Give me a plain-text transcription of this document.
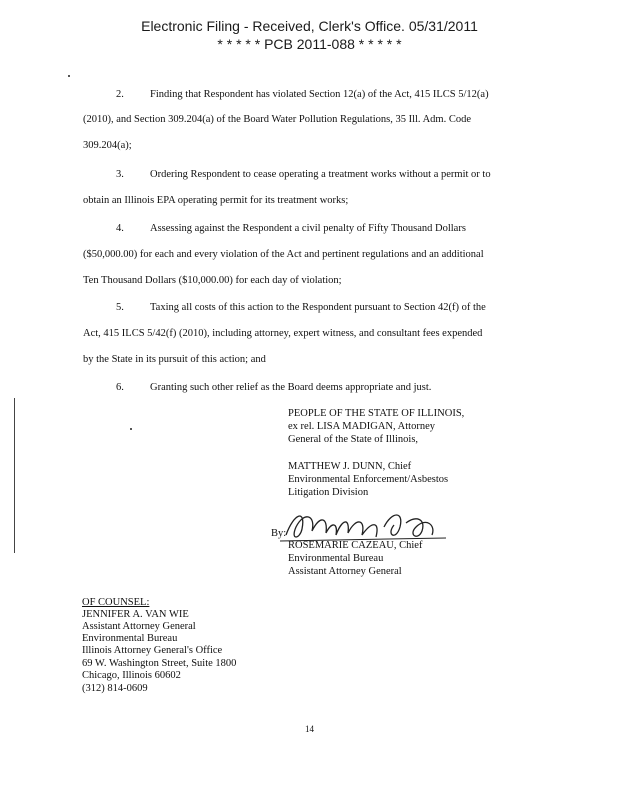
Electronic Filing - Received, Clerk's Office. 05/31/2011
* * * * * PCB 2011-088 * * * * *
2. Finding that Respondent has violated Section 12(a) of the Act, 415 ILCS 5/12(a)
(2010), and Section 309.204(a) of the Board Water Pollution Regulations, 35 Ill. Adm. Code
309.204(a);
3. Ordering Respondent to cease operating a treatment works without a permit or to
obtain an Illinois EPA operating permit for its treatment works;
4. Assessing against the Respondent a civil penalty of Fifty Thousand Dollars
($50,000.00) for each and every violation of the Act and pertinent regulations and an additional
Ten Thousand Dollars ($10,000.00) for each day of violation;
5. Taxing all costs of this action to the Respondent pursuant to Section 42(f) of the
Act, 415 ILCS 5/42(f) (2010), including attorney, expert witness, and consultant fees expended
by the State in its pursuit of this action; and
6. Granting such other relief as the Board deems appropriate and just.
PEOPLE OF THE STATE OF ILLINOIS,
ex rel. LISA MADIGAN, Attorney
General of the State of Illinois,
MATTHEW J. DUNN, Chief
Environmental Enforcement/Asbestos
Litigation Division
By:
ROSEMARIE CAZEAU, Chief
Environmental Bureau
Assistant Attorney General
OF COUNSEL:
JENNIFER A. VAN WIE
Assistant Attorney General
Environmental Bureau
Illinois Attorney General's Office
69 W. Washington Street, Suite 1800
Chicago, Illinois 60602
(312) 814-0609
14
